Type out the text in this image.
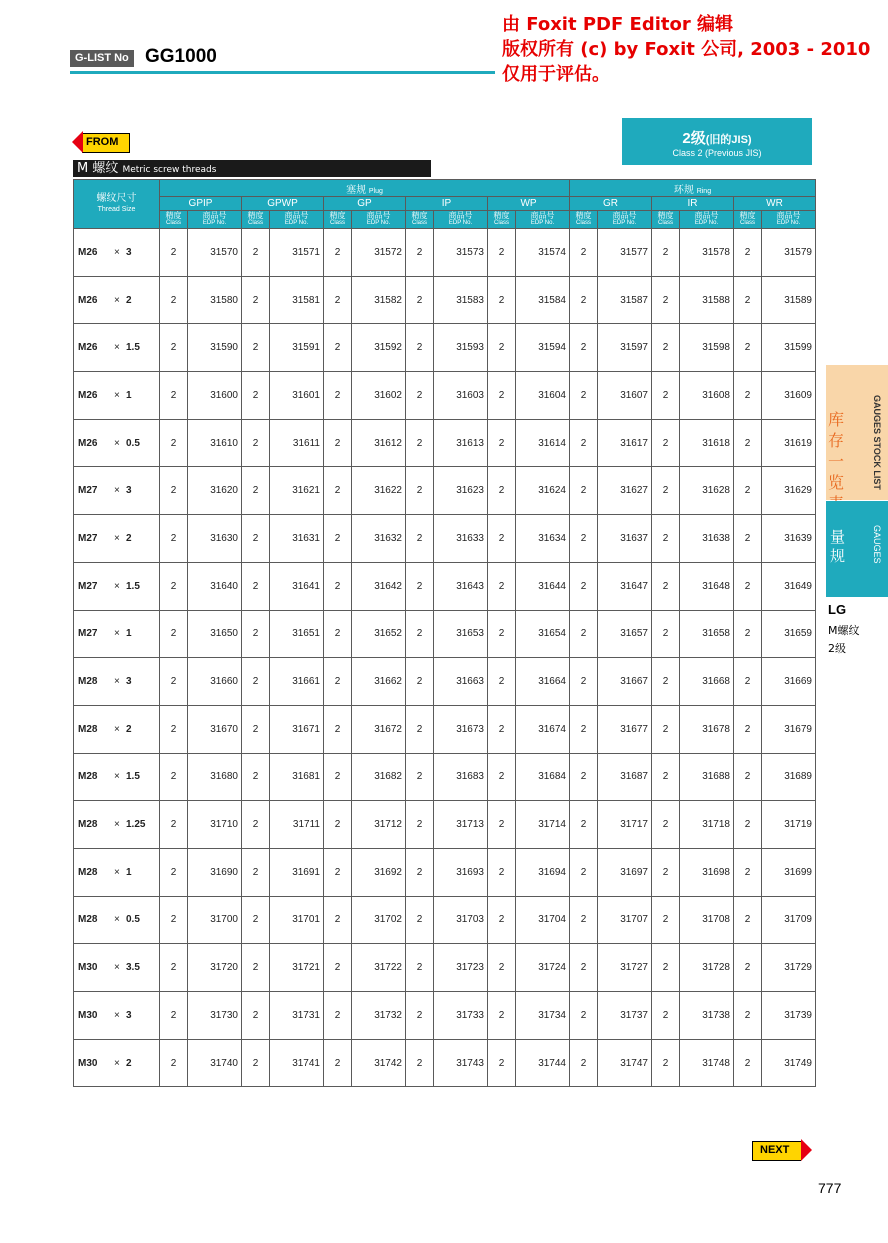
G-LIST No GG1000
由 Foxit PDF Editor 编辑
版权所有 (c) by Foxit 公司, 2003 - 2010
仅用于评估。
FROM	2级(旧的JIS)
Class 2 (Previous JIS)
M 螺纹 Metric screw threads
螺纹尺寸
Thread Size	塞规 Plug										环规 Ring					
	GPIP		GPWP		GP		IP		WP		GR		IR		WR	
	精度
Class	商品号
EDP No.	精度
Class	商品号
EDP No.	精度
Class	商品号
EDP No.	精度
Class	商品号
EDP No.	精度
Class	商品号
EDP No.	精度
Class	商品号
EDP No.	精度
Class	商品号
EDP No.	精度
Class	商品号
EDP No.

M26 × 3	2	31570	2	31571	2	31572	2	31573	2	31574	2	31577	2	31578	2	31579
M26 × 2	2	31580	2	31581	2	31582	2	31583	2	31584	2	31587	2	31588	2	31589
M26 × 1.5	2	31590	2	31591	2	31592	2	31593	2	31594	2	31597	2	31598	2	31599
M26 × 1	2	31600	2	31601	2	31602	2	31603	2	31604	2	31607	2	31608	2	31609
M26 × 0.5	2	31610	2	31611	2	31612	2	31613	2	31614	2	31617	2	31618	2	31619
M27 × 3	2	31620	2	31621	2	31622	2	31623	2	31624	2	31627	2	31628	2	31629
M27 × 2	2	31630	2	31631	2	31632	2	31633	2	31634	2	31637	2	31638	2	31639
M27 × 1.5	2	31640	2	31641	2	31642	2	31643	2	31644	2	31647	2	31648	2	31649
M27 × 1	2	31650	2	31651	2	31652	2	31653	2	31654	2	31657	2	31658	2	31659
M28 × 3	2	31660	2	31661	2	31662	2	31663	2	31664	2	31667	2	31668	2	31669
M28 × 2	2	31670	2	31671	2	31672	2	31673	2	31674	2	31677	2	31678	2	31679
M28 × 1.5	2	31680	2	31681	2	31682	2	31683	2	31684	2	31687	2	31688	2	31689
M28 × 1.25	2	31710	2	31711	2	31712	2	31713	2	31714	2	31717	2	31718	2	31719
M28 × 1	2	31690	2	31691	2	31692	2	31693	2	31694	2	31697	2	31698	2	31699
M28 × 0.5	2	31700	2	31701	2	31702	2	31703	2	31704	2	31707	2	31708	2	31709
M30 × 3.5	2	31720	2	31721	2	31722	2	31723	2	31724	2	31727	2	31728	2	31729
M30 × 3	2	31730	2	31731	2	31732	2	31733	2	31734	2	31737	2	31738	2	31739
M30 × 2	2	31740	2	31741	2	31742	2	31743	2	31744	2	31747	2	31748	2	31749
库存一览	GAUGES STOCK LIST
量规	GAUGES
LG
M螺纹
2级
NEXT
777
